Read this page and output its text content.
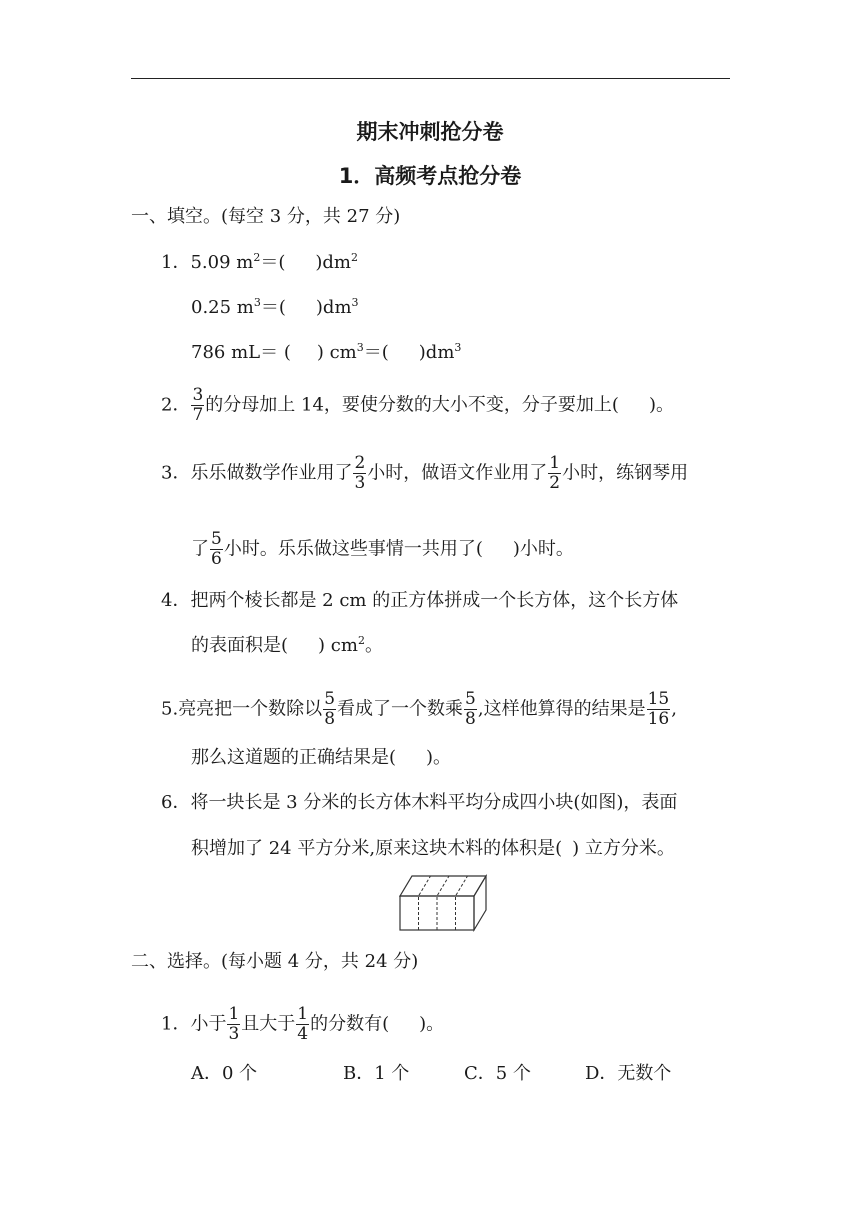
期末冲刺抢分卷
1．高频考点抢分卷
一、填空。(每空 3 分，共 27 分)
1．5.09 $m^2=$( )$dm^2$
0.25 $m^3=$( )$dm^3$
786 mL＝ ( ) $cm^3=$( )$dm^3$
2． $\frac{3}{7}$ 的分母加上 14，要使分数的大小不变，分子要加上( )。
3．乐乐做数学作业用了 $\frac{2}{3}$ 小时，做语文作业用了 $\frac{1}{2}$ 小时，练钢琴用
了 $\frac{5}{6}$ 小时。乐乐做这些事情一共用了( )小时。
4．把两个棱长都是 2 cm 的正方体拼成一个长方体，这个长方体
的表面积是( ) $cm^2$。
5.亮亮把一个数除以 $\frac{5}{8}$ 看成了一个数乘 $\frac{5}{8}$ ,这样他算得的结果是 $\frac{15}{16}$ ,
那么这道题的正确结果是( )。
6．将一块长是 3 分米的长方体木料平均分成四小块(如图)，表面
积增加了 24 平方分米,原来这块木料的体积是( ) 立方分米。
二、选择。(每小题 4 分，共 24 分)
1．小于 $\frac{1}{3}$ 且大于 $\frac{1}{4}$ 的分数有( )。
A．0 个	B．1 个	C．5 个	D．无数个
